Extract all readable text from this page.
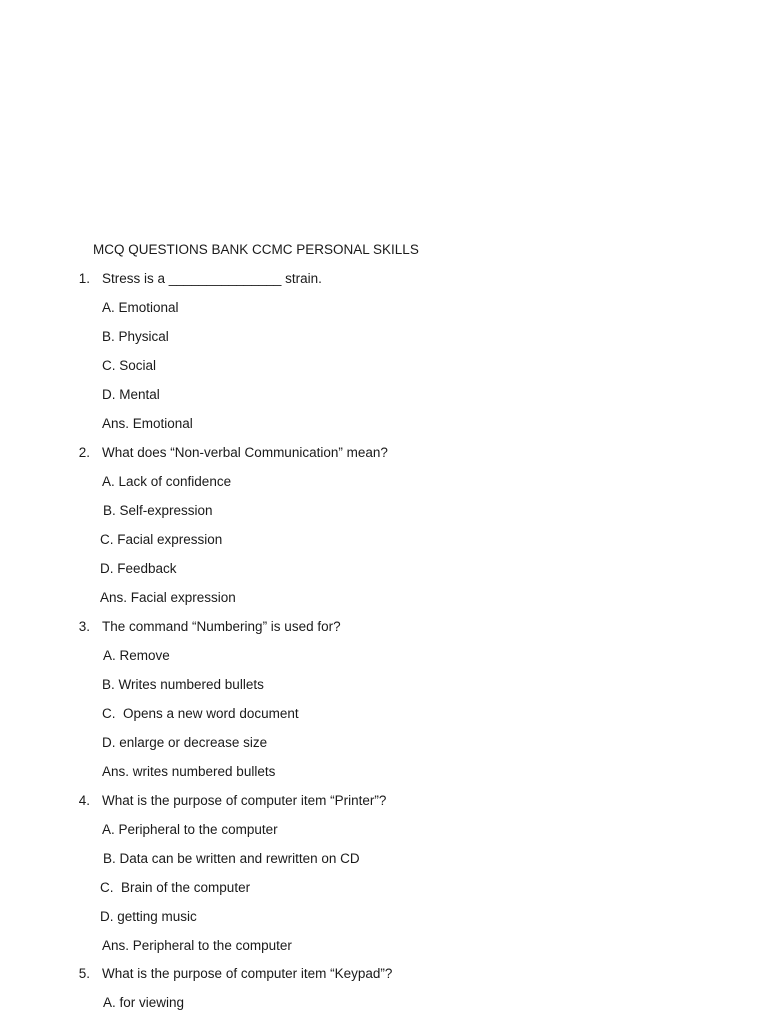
MCQ QUESTIONS BANK CCMC PERSONAL SKILLS
1. Stress is a _______________ strain.
A. Emotional
B. Physical
C. Social
D. Mental
Ans. Emotional
2. What does “Non-verbal Communication” mean?
A. Lack of confidence
B. Self-expression
C. Facial expression
D. Feedback
Ans. Facial expression
3. The command “Numbering” is used for?
A. Remove
B. Writes numbered bullets
C.  Opens a new word document
D. enlarge or decrease size
Ans. writes numbered bullets
4. What is the purpose of computer item “Printer”?
A. Peripheral to the computer
B. Data can be written and rewritten on CD
C.  Brain of the computer
D. getting music
Ans. Peripheral to the computer
5. What is the purpose of computer item “Keypad”?
A. for viewing
